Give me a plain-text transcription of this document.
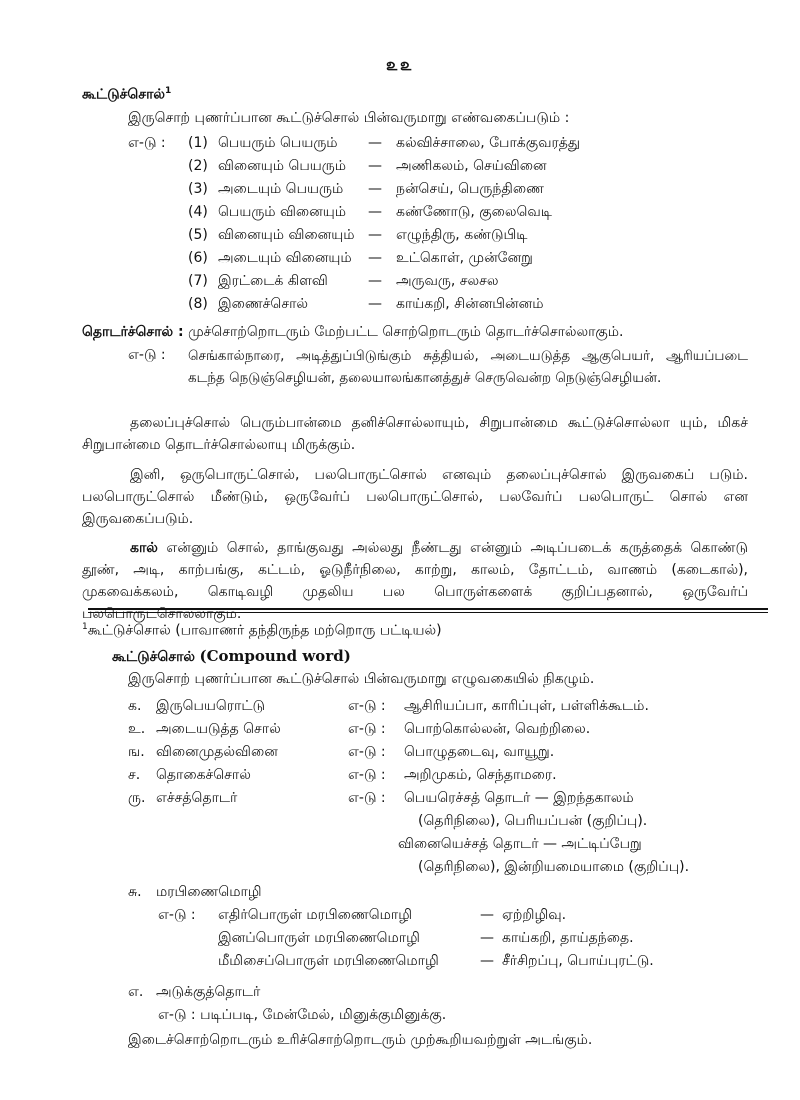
௨௨
கூட்டுச்சொல்$^1$
இருசொற் புணர்ப்பான கூட்டுச்சொல் பின்வருமாறு எண்வகைப்படும் :
எ-டு : (1) பெயரும் பெயரும்	— கல்விச்சாலை, போக்குவரத்து
(2) வினையும் பெயரும்	— அணிகலம், செய்வினை
(3) அடையும் பெயரும்	— நன்செய், பெருந்திணை
(4) பெயரும் வினையும்	— கண்ணோடு, குலைவெடி
(5) வினையும் வினையும் — எழுந்திரு, கண்டுபிடி
(6) அடையும் வினையும்	— உட்கொள், முன்னேறு
(7) இரட்டைக் கிளவி	— அருவரு, சலசல
(8) இணைச்சொல்	— காய்கறி, சின்னபின்னம்
தொடர்ச்சொல் : முச்சொற்றொடரும் மேற்பட்ட சொற்றொடரும் தொடர்ச்சொல்லாகும்.
எ-டு : செங்கால்நாரை, அடித்துப்பிடுங்கும் சுத்தியல், அடையடுத்த ஆகுபெயர், ஆரியப்படை கடந்த நெடுஞ்செழியன், தலையாலங்கானத்துச் செருவென்ற நெடுஞ்செழியன்.
தலைப்புச்சொல் பெரும்பான்மை தனிச்சொல்லாயும், சிறுபான்மை கூட்டுச்சொல்லா யும், மிகச் சிறுபான்மை தொடர்ச்சொல்லாயு மிருக்கும்.
இனி, ஒருபொருட்சொல், பலபொருட்சொல் எனவும் தலைப்புச்சொல் இருவகைப் படும். பலபொருட்சொல் மீண்டும், ஒருவேர்ப் பலபொருட்சொல், பலவேர்ப் பலபொருட் சொல் என இருவகைப்படும்.
கால் என்னும் சொல், தாங்குவது அல்லது நீண்டது என்னும் அடிப்படைக் கருத்தைக் கொண்டு தூண், அடி, காற்பங்கு, கட்டம், ஓடுநீர்நிலை, காற்று, காலம், தோட்டம், வாணம் (கடைகால்), முகவைக்கலம், கொடிவழி முதலிய பல பொருள்களைக் குறிப்பதனால், ஒருவேர்ப் பலபொருட்சொல்லாகும்.
$^1$கூட்டுச்சொல் (பாவாணர் தந்திருந்த மற்றொரு பட்டியல்)
கூட்டுச்சொல் (Compound word)
இருசொற் புணர்ப்பான கூட்டுச்சொல் பின்வருமாறு எழுவகையில் நிகழும்.
க.	இருபெயரொட்டு	எ-டு : ஆசிரியப்பா, காரிப்புள், பள்ளிக்கூடம்.
உ. அடையடுத்த சொல்	எ-டு : பொற்கொல்லன், வெற்றிலை.
ங. வினைமுதல்வினை	எ-டு : பொழுதடைவு, வாயூறு.
ச.	தொகைச்சொல்	எ-டு : அறிமுகம், செந்தாமரை.
ரு. எச்சத்தொடர்	எ-டு : பெயரெச்சத் தொடர் — இறந்தகாலம்
(தெரிநிலை), பெரியப்பன் (குறிப்பு).
வினையெச்சத் தொடர் — அட்டிப்பேறு
(தெரிநிலை), இன்றியமையாமை (குறிப்பு).
சு.	மரபிணைமொழி
எ-டு : எதிர்பொருள் மரபிணைமொழி	— ஏற்றிழிவு.
இனப்பொருள் மரபிணைமொழி	— காய்கறி, தாய்தந்தை.
மீமிசைப்பொருள் மரபிணைமொழி	— சீர்சிறப்பு, பொய்புரட்டு.
எ. அடுக்குத்தொடர்
எ-டு : படிப்படி, மேன்மேல், மினுக்குமினுக்கு.
இடைச்சொற்றொடரும் உரிச்சொற்றொடரும் முற்கூறியவற்றுள் அடங்கும்.
